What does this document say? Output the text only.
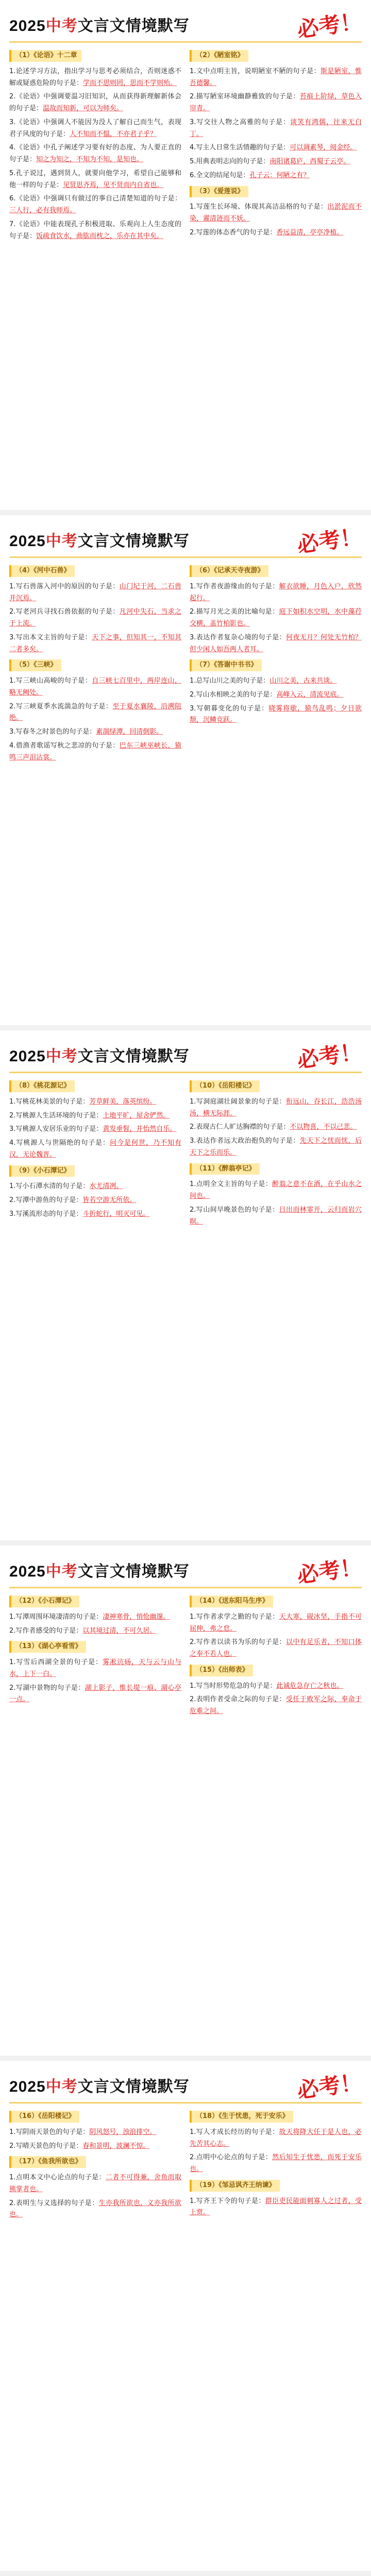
2025中考文言文情境默写	必考！
（1）《论语》十二章
1.论述学习方法，指出学习与思考必须结合，否则迷惑不解或疑惑危险的句子是：学而不思则罔，思而不学则殆。
2.《论语》中强调要温习旧知识，从而获得新理解新体会的句子是：温故而知新，可以为师矣。
3.《论语》中强调人不能因为没人了解自己而生气，表现君子风度的句子是：人不知而不愠，不亦君子乎？
4.《论语》中孔子阐述学习要有好的态度、为人要正直的句子是：知之为知之，不知为不知，是知也。
5.孔子说过，遇到贤人，就要向他学习，希望自己能够和他一样的句子是：见贤思齐焉，见不贤而内自省也。
6.《论语》中强调只有做过的事自己清楚知道的句子是：三人行，必有我师焉。
7.《论语》中能表现孔子积极进取、乐观向上人生态度的句子是：饭疏食饮水，曲肱而枕之，乐亦在其中矣。
（2）《陋室铭》
1.文中点明主旨，说明陋室不陋的句子是：斯是陋室，惟吾德馨。
2.描写陋室环境幽静雅致的句子是：苔痕上阶绿，草色入帘青。
3.写交往人物之高雅的句子是：谈笑有鸿儒，往来无白丁。
4.写主人日常生活情趣的句子是：可以调素琴，阅金经。
5.用典表明志向的句子是：南阳诸葛庐，西蜀子云亭。
6.全文的结尾句是：孔子云：何陋之有？
（3）《爱莲说》
1.写莲生长环境、体现其高洁品格的句子是：出淤泥而不染，濯清涟而不妖。
2.写莲的体态香气的句子是：香远益清，亭亭净植。
2025中考文言文情境默写	必考！
（4）《河中石兽》
1.写石兽落入河中的原因的句子是：山门圮于河，二石兽并沉焉。
2.写老河兵寻找石兽依据的句子是：凡河中失石，当求之于上流。
3.写出本文主旨的句子是：天下之事，但知其一，不知其二者多矣。
（5）《三峡》
1.写三峡山高峻的句子是：自三峡七百里中，两岸连山，略无阙处。
2.写三峡夏季水流湍急的句子是：至于夏水襄陵，沿溯阻绝。
3.写春冬之时景色的句子是：素湍绿潭，回清倒影。
4.借渔者歌谣写秋之悲凉的句子是：巴东三峡巫峡长，猿鸣三声泪沾裳。
（6）《记承天寺夜游》
1.写作者夜游缘由的句子是：解衣欲睡，月色入户，欣然起行。
2.描写月光之美的比喻句是：庭下如积水空明，水中藻荇交横，盖竹柏影也。
3.表达作者复杂心境的句子是：何夜无月？何处无竹柏？但少闲人如吾两人者耳。
（7）《答谢中书书》
1.总写山川之美的句子是：山川之美，古来共谈。
2.写山水相映之美的句子是：高峰入云，清流见底。
3.写朝暮变化的句子是：晓雾将歇，猿鸟乱鸣；夕日欲颓，沉鳞竞跃。
2025中考文言文情境默写	必考！
（8）《桃花源记》
1.写桃花林美景的句子是：芳草鲜美，落英缤纷。
2.写桃源人生活环境的句子是：土地平旷，屋舍俨然。
3.写桃源人安居乐业的句子是：黄发垂髫，并怡然自乐。
4.写桃源人与世隔绝的句子是：问今是何世，乃不知有汉，无论魏晋。
（9）《小石潭记》
1.写小石潭水清的句子是：水尤清冽。
2.写潭中游鱼的句子是：皆若空游无所依。
3.写溪流形态的句子是：斗折蛇行，明灭可见。
（10）《岳阳楼记》
1.写洞庭湖壮阔景象的句子是：衔远山，吞长江，浩浩汤汤，横无际涯。
2.表现古仁人旷达胸襟的句子是：不以物喜，不以己悲。
3.表达作者远大政治抱负的句子是：先天下之忧而忧，后天下之乐而乐。
（11）《醉翁亭记》
1.点明全文主旨的句子是：醉翁之意不在酒，在乎山水之间也。
2.写山间早晚景色的句子是：日出而林霏开，云归而岩穴暝。
2025中考文言文情境默写	必考！
（12）《小石潭记》
1.写潭周围环境凄清的句子是：凄神寒骨，悄怆幽邃。
2.写作者感受的句子是：以其境过清，不可久居。
（13）《湖心亭看雪》
1.写雪后西湖全景的句子是：雾凇沆砀，天与云与山与水，上下一白。
2.写湖中景物的句子是：湖上影子，惟长堤一痕、湖心亭一点。
（14）《送东阳马生序》
1.写作者求学之勤的句子是：天大寒，砚冰坚，手指不可屈伸，弗之怠。
2.写作者以读书为乐的句子是：以中有足乐者，不知口体之奉不若人也。
（15）《出师表》
1.写当时形势危急的句子是：此诚危急存亡之秋也。
2.表明作者受命之际的句子是：受任于败军之际，奉命于危难之间。
2025中考文言文情境默写	必考！
（16）《岳阳楼记》
1.写阴雨天景色的句子是：阴风怒号，浊浪排空。
2.写晴天景色的句子是：春和景明，波澜不惊。
（17）《鱼我所欲也》
1.点明本文中心论点的句子是：二者不可得兼，舍鱼而取熊掌者也。
2.表明生与义选择的句子是：生亦我所欲也，义亦我所欲也。
（18）《生于忧患，死于安乐》
1.写人才成长经历的句子是：故天将降大任于是人也，必先苦其心志。
2.点明中心论点的句子是：然后知生于忧患，而死于安乐也。
（19）《邹忌讽齐王纳谏》
1.写齐王下令的句子是：群臣吏民能面刺寡人之过者，受上赏。
